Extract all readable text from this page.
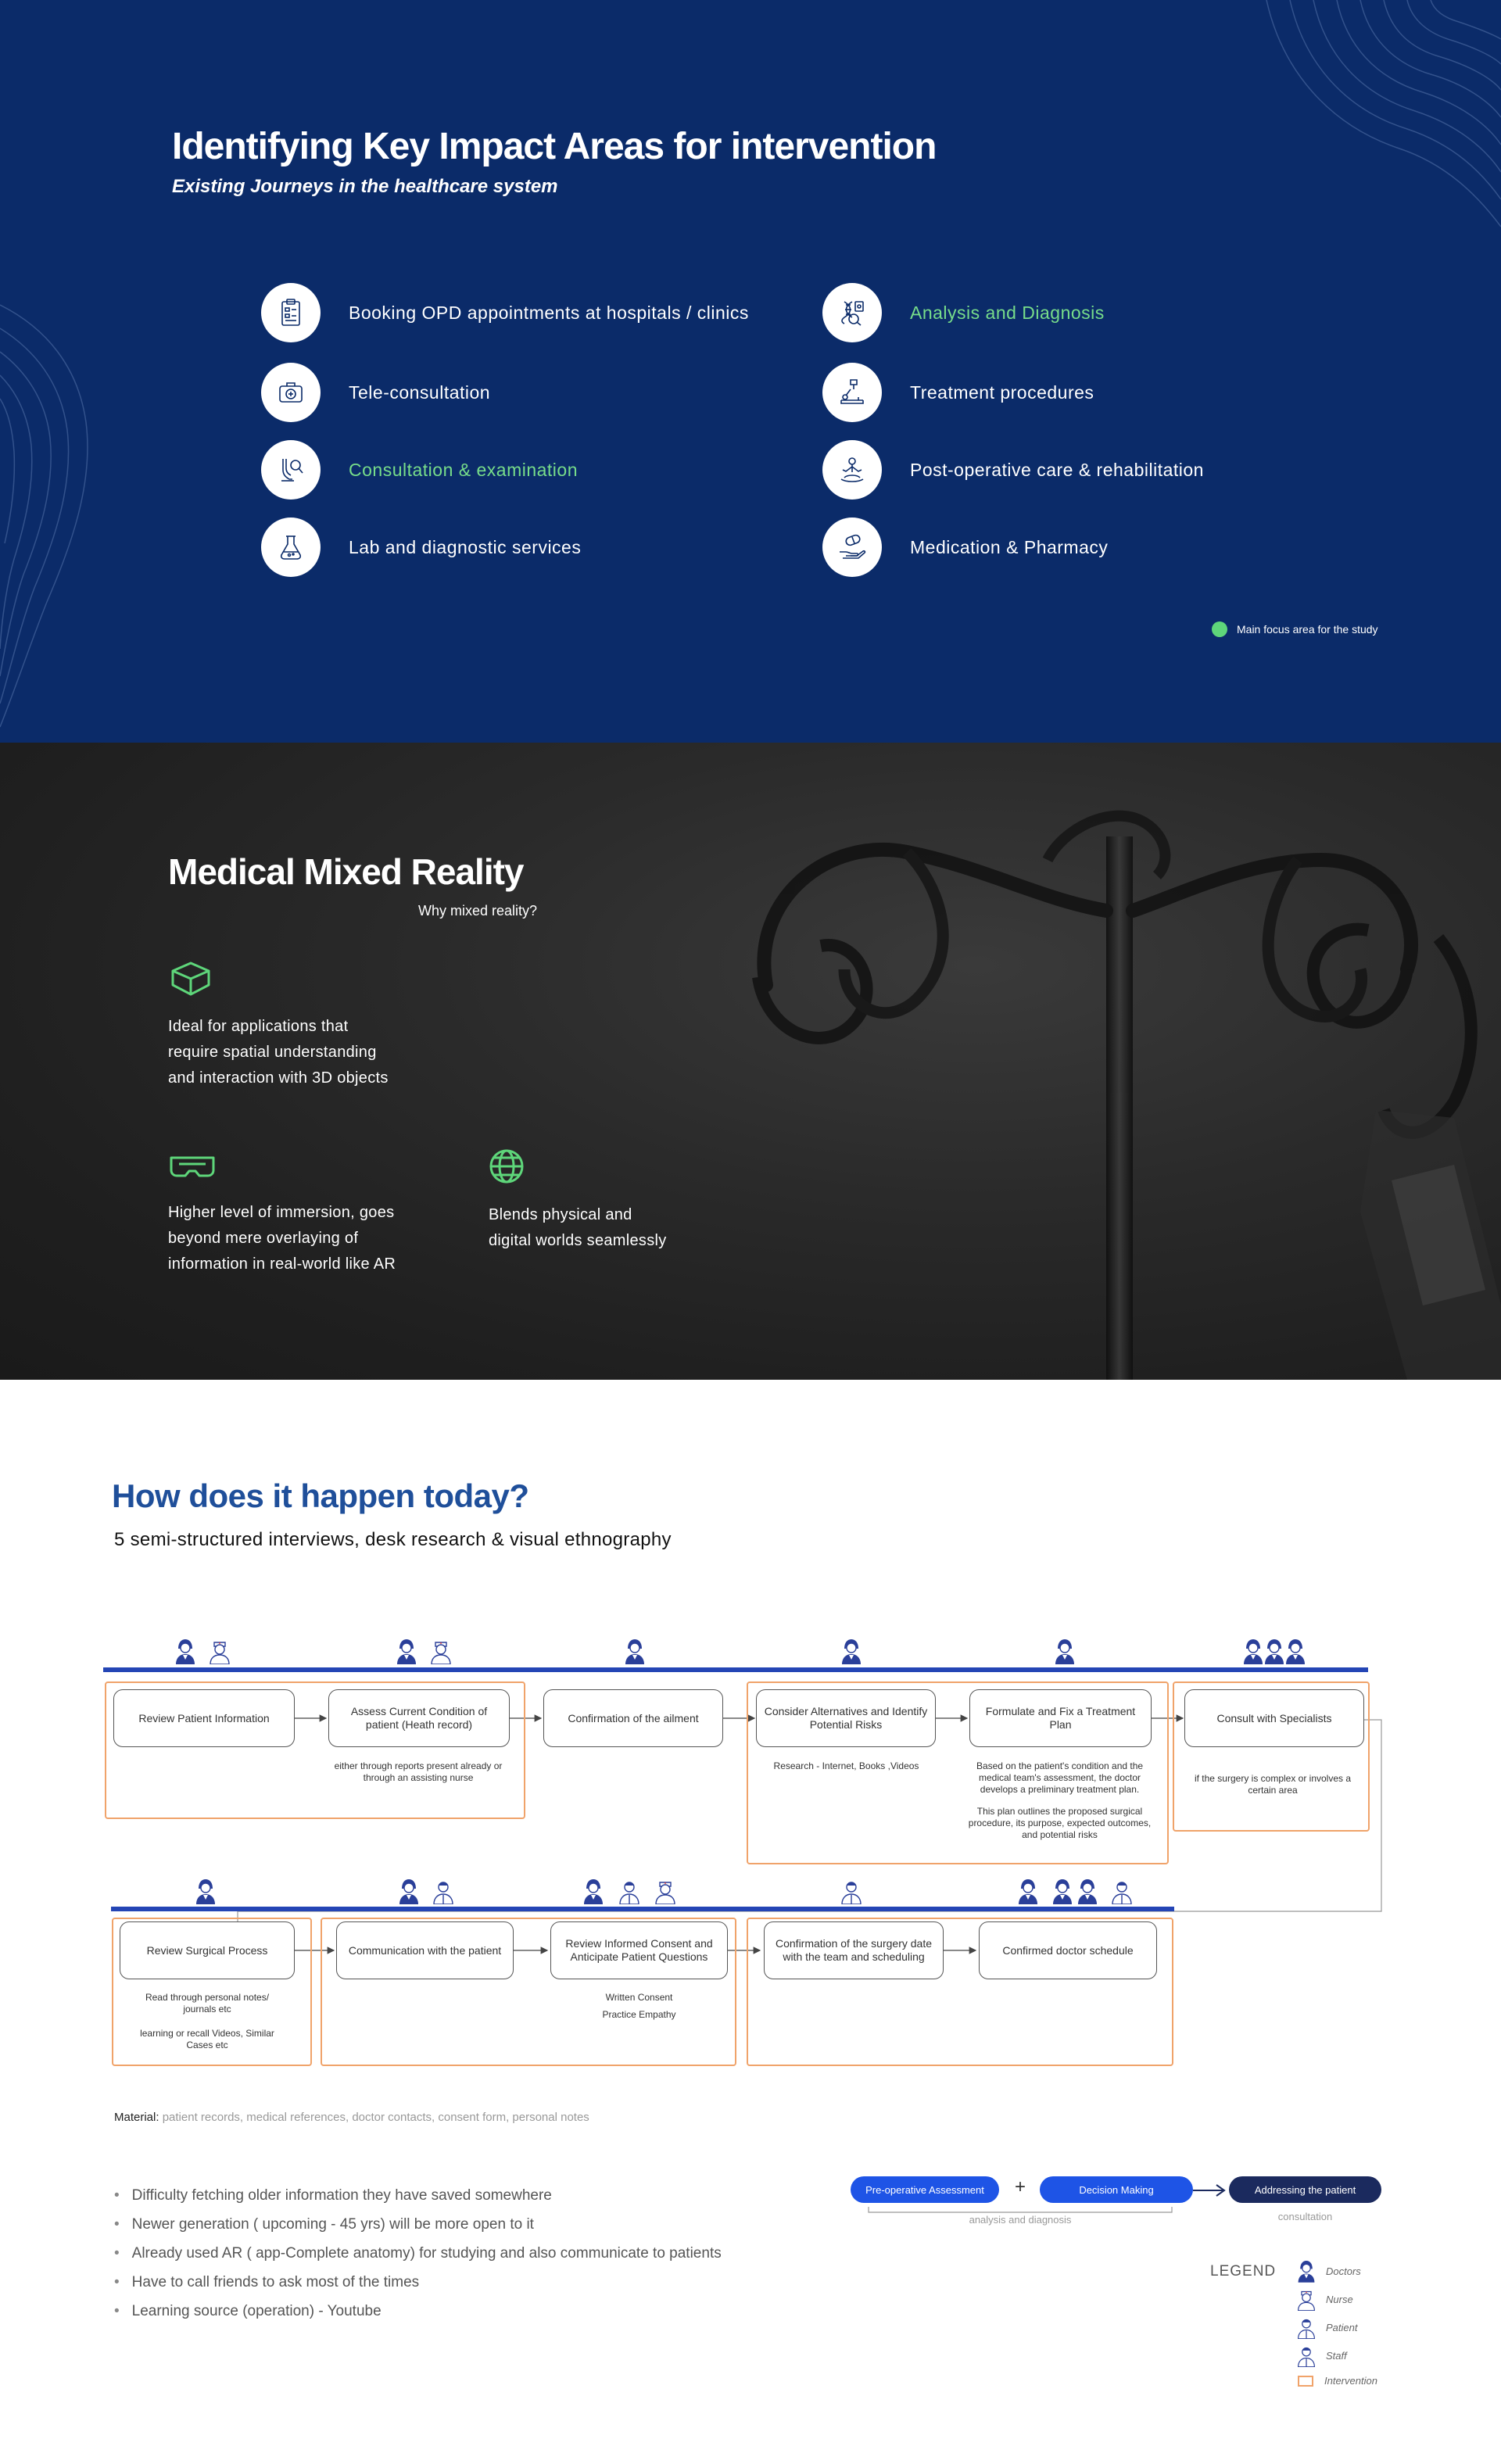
Identifying Key Impact Areas for intervention
Existing Journeys in the healthcare system
Booking OPD appointments at hospitals / clinics
Tele-consultation
Consultation & examination
Lab and diagnostic services
Analysis and Diagnosis
Treatment procedures
Post-operative care & rehabilitation
Medication & Pharmacy
Main focus area for the study
Medical Mixed Reality
Why mixed reality?
Ideal for applications that
require spatial understanding
and interaction with 3D objects
Higher level of immersion, goes
beyond mere overlaying of
information in real-world like AR
Blends physical and
digital worlds seamlessly
How does it happen today?
5 semi-structured interviews, desk research & visual ethnography
Review Patient Information
Assess Current Condition of patient (Heath record)
Confirmation of the ailment
Consider Alternatives and Identify Potential Risks
Formulate and Fix a Treatment Plan
Consult with Specialists
either through reports present already or through an assisting nurse
Research - Internet, Books ,Videos	Based on the patient's condition and the medical team's assessment, the doctor develops a preliminary treatment plan.
This plan outlines the proposed surgical procedure, its purpose, expected outcomes, and potential risks
if the surgery is complex or involves a certain area
Review Surgical Process	Communication with the patient
Review Informed Consent and Anticipate Patient Questions
Confirmation of the surgery date with the team and scheduling
Confirmed doctor schedule
Read through personal notes/ journals etc
learning or recall Videos, Similar Cases etc
Written Consent
Practice Empathy
Material: patient records, medical references, doctor contacts, consent form, personal notes
• Difficulty fetching older information they have saved somewhere
• Newer generation ( upcoming - 45 yrs) will be more open to it
• Already used AR ( app-Complete anatomy) for studying and also communicate to patients
• Have to call friends to ask most of the times
• Learning source (operation) - Youtube
Pre-operative Assessment	+	Decision Making	Addressing the patient
analysis and diagnosis	consultation
LEGEND	Doctors
Nurse
Patient
Staff
Intervention
